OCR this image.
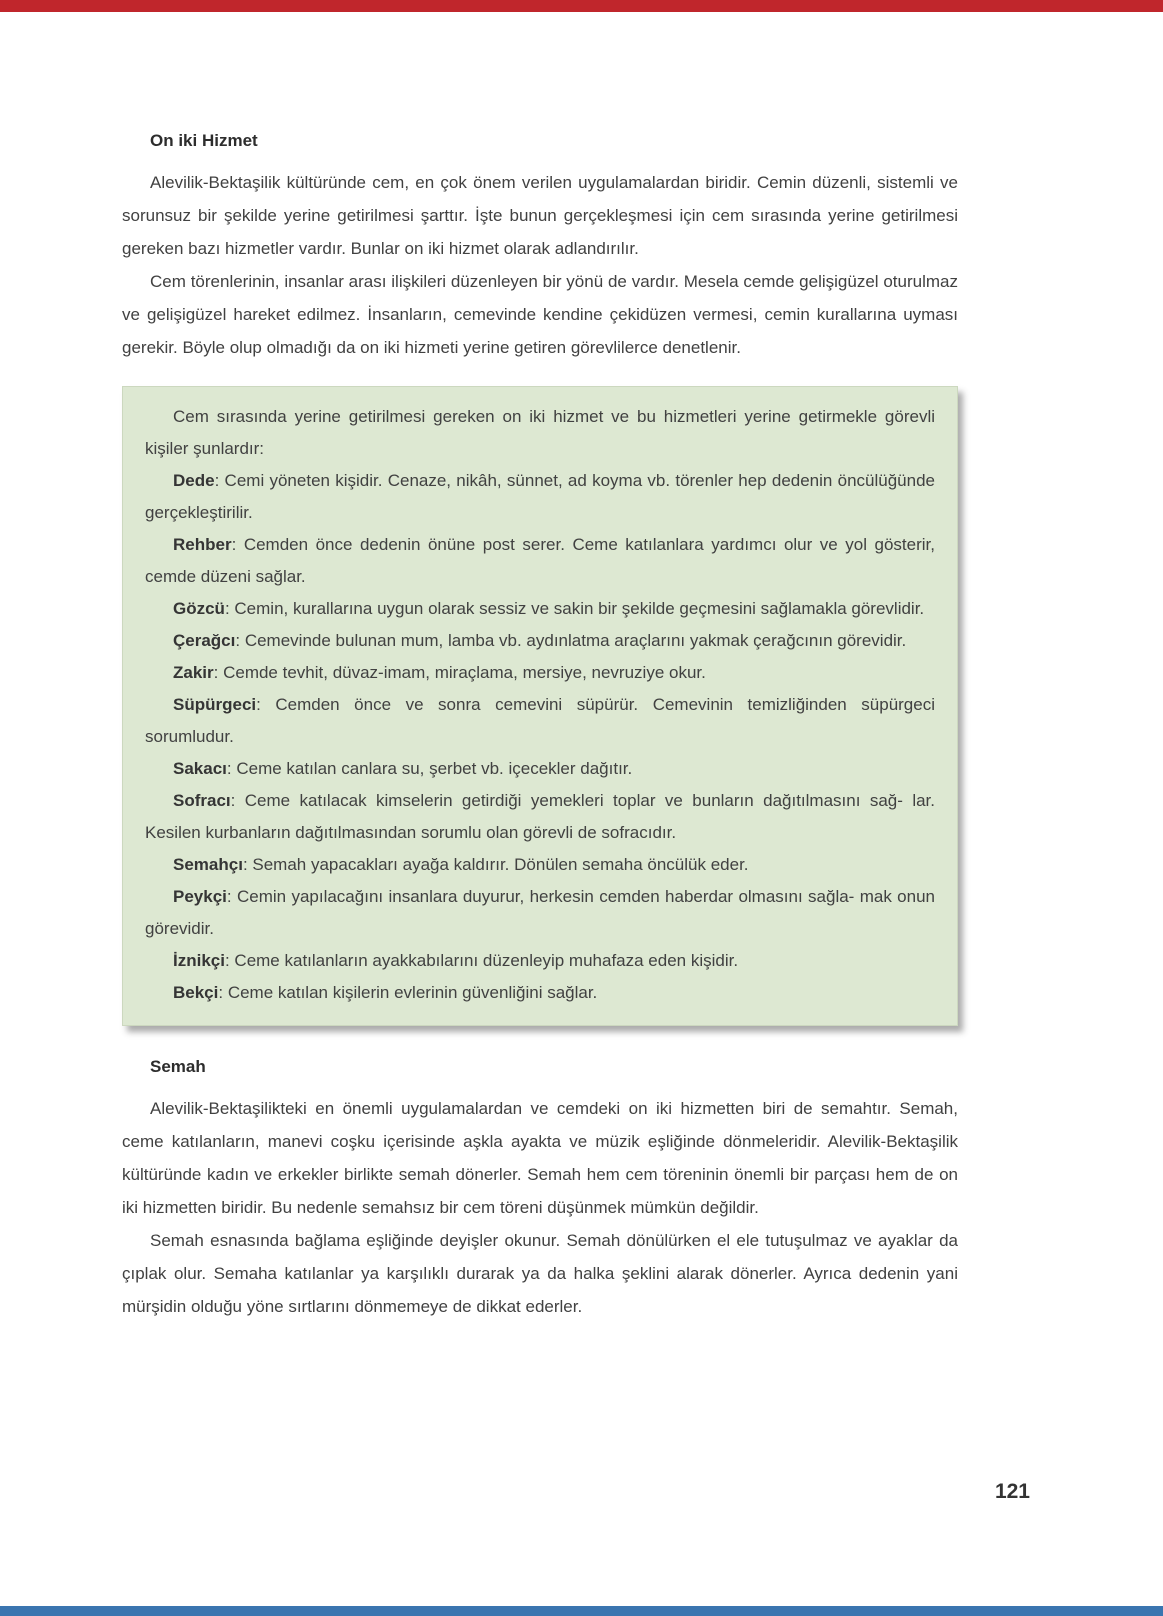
On iki Hizmet

Alevilik-Bektaşilik kültüründe cem, en çok önem verilen uygulamalardan biridir. Cemin düzenli, sistemli ve sorunsuz bir şekilde yerine getirilmesi şarttır. İşte bunun gerçekleşmesi için cem sırasında yerine getirilmesi gereken bazı hizmetler vardır. Bunlar on iki hizmet olarak adlandırılır.

Cem törenlerinin, insanlar arası ilişkileri düzenleyen bir yönü de vardır. Mesela cemde gelişigüzel oturulmaz ve gelişigüzel hareket edilmez. İnsanların, cemevinde kendine çekidüzen vermesi, cemin kurallarına uyması gerekir. Böyle olup olmadığı da on iki hizmeti yerine getiren görevlilerce denetlenir.

Cem sırasında yerine getirilmesi gereken on iki hizmet ve bu hizmetleri yerine getirmekle görevli kişiler şunlardır:

Dede: Cemi yöneten kişidir. Cenaze, nikâh, sünnet, ad koyma vb. törenler hep dedenin öncülüğünde gerçekleştirilir.

Rehber: Cemden önce dedenin önüne post serer. Ceme katılanlara yardımcı olur ve yol gösterir, cemde düzeni sağlar.

Gözcü: Cemin, kurallarına uygun olarak sessiz ve sakin bir şekilde geçmesini sağlamakla görevlidir.

Çerağcı: Cemevinde bulunan mum, lamba vb. aydınlatma araçlarını yakmak çerağcının görevidir.

Zakir: Cemde tevhit, düvaz-imam, miraçlama, mersiye, nevruziye okur.

Süpürgeci: Cemden önce ve sonra cemevini süpürür. Cemevinin temizliğinden süpürgeci sorumludur.

Sakacı: Ceme katılan canlara su, şerbet vb. içecekler dağıtır.

Sofracı: Ceme katılacak kimselerin getirdiği yemekleri toplar ve bunların dağıtılmasını sağ- lar. Kesilen kurbanların dağıtılmasından sorumlu olan görevli de sofracıdır.

Semahçı: Semah yapacakları ayağa kaldırır. Dönülen semaha öncülük eder.

Peykçi: Cemin yapılacağını insanlara duyurur, herkesin cemden haberdar olmasını sağla- mak onun görevidir.

İznikçi: Ceme katılanların ayakkabılarını düzenleyip muhafaza eden kişidir.

Bekçi: Ceme katılan kişilerin evlerinin güvenliğini sağlar.

Semah

Alevilik-Bektaşilikteki en önemli uygulamalardan ve cemdeki on iki hizmetten biri de semahtır. Semah, ceme katılanların, manevi coşku içerisinde aşkla ayakta ve müzik eşliğinde dönmeleridir. Alevilik-Bektaşilik kültüründe kadın ve erkekler birlikte semah dönerler. Semah hem cem töreninin önemli bir parçası hem de on iki hizmetten biridir. Bu nedenle semahsız bir cem töreni düşünmek mümkün değildir.

Semah esnasında bağlama eşliğinde deyişler okunur. Semah dönülürken el ele tutuşulmaz ve ayaklar da çıplak olur. Semaha katılanlar ya karşılıklı durarak ya da halka şeklini alarak dönerler. Ayrıca dedenin yani mürşidin olduğu yöne sırtlarını dönmemeye de dikkat ederler.

121
